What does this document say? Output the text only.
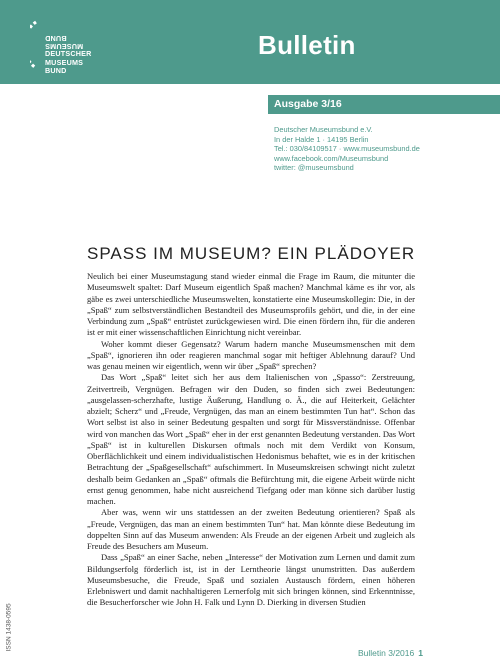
BUND
MUSEUMS
DEUTSCHER
MUSEUMS
BUND
Bulletin
Ausgabe 3/16
Deutscher Museumsbund e.V.
In der Halde 1 · 14195 Berlin
Tel.: 030/84109517 · www.museumsbund.de
www.facebook.com/Museumsbund
twitter: @museumsbund
SPASS IM MUSEUM? EIN PLÄDOYER

Neulich bei einer Museumstagung stand wieder einmal die Frage im Raum, die mitunter die Museumswelt spaltet: Darf Museum eigentlich Spaß machen? Manchmal käme es ihr vor, als gäbe es zwei unterschiedliche Museumswelten, konstatierte eine Museumskollegin: Die, in der „Spaß“ zum selbstverständlichen Bestandteil des Museumsprofils gehört, und die, in der eine Verbindung zum „Spaß“ entrüstet zurückgewiesen wird. Die einen fördern ihn, für die anderen ist er mit einer wissenschaftlichen Einrichtung nicht vereinbar.

Woher kommt dieser Gegensatz? Warum hadern manche Museumsmenschen mit dem „Spaß“, ignorieren ihn oder reagieren manchmal sogar mit heftiger Ablehnung darauf? Und was genau meinen wir eigentlich, wenn wir über „Spaß“ sprechen?

Das Wort „Spaß“ leitet sich her aus dem Italienischen von „Spasso“: Zerstreuung, Zeitvertreib, Vergnügen. Befragen wir den Duden, so finden sich zwei Bedeutungen: „ausgelassen-scherzhafte, lustige Äußerung, Handlung o. Ä., die auf Heiterkeit, Gelächter abzielt; Scherz“ und „Freude, Vergnügen, das man an einem bestimmten Tun hat“. Schon das Wort selbst ist also in seiner Bedeutung gespalten und sorgt für Missverständnisse. Offenbar wird von manchen das Wort „Spaß“ eher in der erst genannten Bedeutung verstanden. Das Wort „Spaß“ ist in kulturellen Diskursen oftmals noch mit dem Verdikt von Konsum, Oberflächlichkeit und einem individualistischen Hedonismus behaftet, wie es in der kritischen Betrachtung der „Spaßgesellschaft“ aufschimmert. In Museumskreisen schwingt nicht zuletzt deshalb beim Gedanken an „Spaß“ oftmals die Befürchtung mit, die eigene Arbeit würde nicht ernst genug genommen, habe nicht ausreichend Tiefgang oder man könne sich darüber lustig machen.

Aber was, wenn wir uns stattdessen an der zweiten Bedeutung orientieren? Spaß als „Freude, Vergnügen, das man an einem bestimmten Tun“ hat. Man könnte diese Bedeutung im doppelten Sinn auf das Museum anwenden: Als Freude an der eigenen Arbeit und zugleich als Freude des Besuchers am Museum.

Dass „Spaß“ an einer Sache, neben „Interesse“ der Motivation zum Lernen und damit zum Bildungserfolg förderlich ist, ist in der Lerntheorie längst unumstritten. Das außerdem Museumsbesuche, die Freude, Spaß und sozialen Austausch fördern, einen höheren Erlebniswert und damit nachhaltigeren Lernerfolg mit sich bringen können, sind Erkenntnisse, die Besucherforscher wie John H. Falk und Lynn D. Dierking in diversen Studien

ISSN 1438-0595
Bulletin 3/2016 1
